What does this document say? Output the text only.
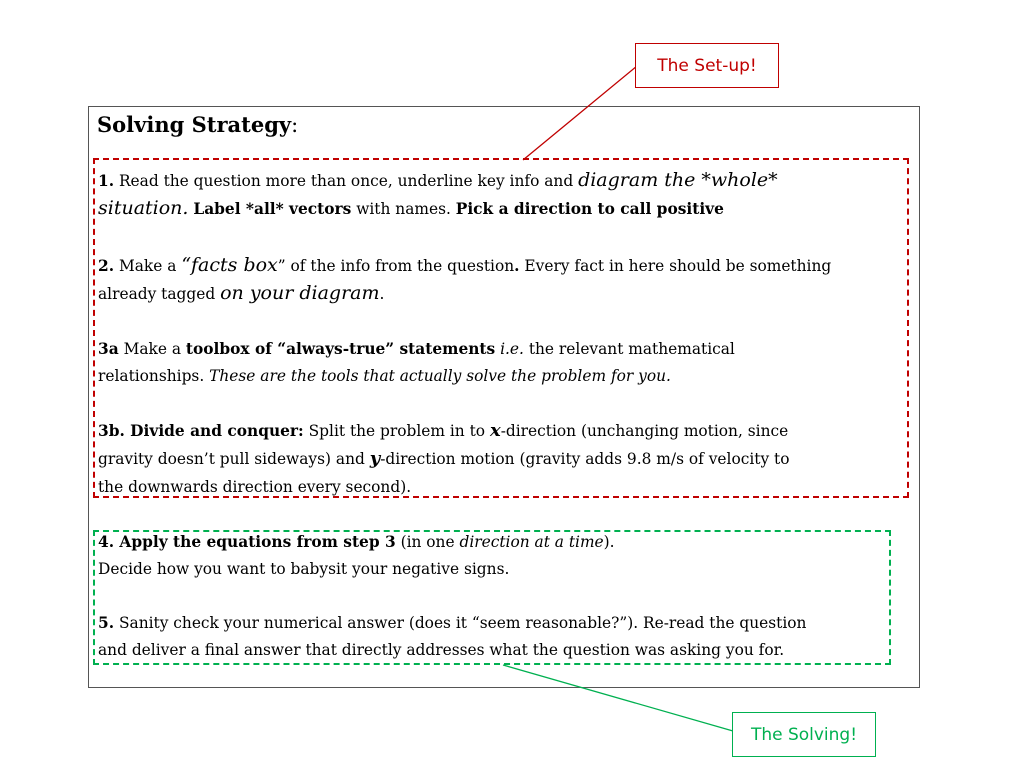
Solving Strategy:
The Set-up!
The Solving!
1. Read the question more than once, underline key info and diagram the *whole*
situation. Label *all* vectors with names. Pick a direction to call positive
2. Make a “facts box” of the info from the question. Every fact in here should be something
already tagged on your diagram.
3a Make a toolbox of “always-true” statements i.e. the relevant mathematical
relationships. These are the tools that actually solve the problem for you.
3b. Divide and conquer: Split the problem in to x-direction (unchanging motion, since
gravity doesn’t pull sideways) and y-direction motion (gravity adds 9.8 m/s of velocity to
the downwards direction every second).
4. Apply the equations from step 3 (in one direction at a time).
Decide how you want to babysit your negative signs.
5. Sanity check your numerical answer (does it “seem reasonable?”). Re-read the question
and deliver a final answer that directly addresses what the question was asking you for.
